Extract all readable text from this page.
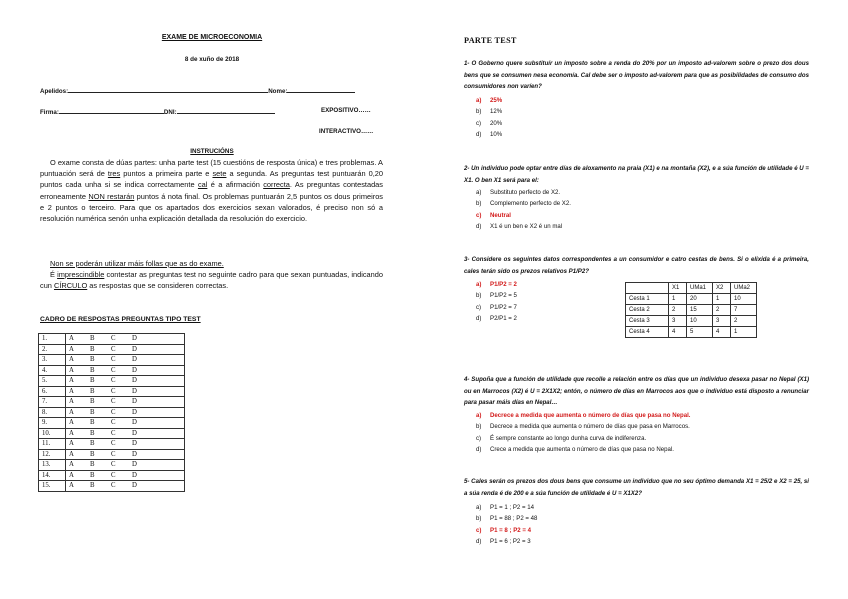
EXAME DE MICROECONOMIA
8 de xuño de 2018
Apelidos:	Nome:
Firma:	DNI:	EXPOSITIVO……
INTERACTIVO……
INSTRUCIÓNS
O exame consta de dúas partes: unha parte test (15 cuestións de resposta única) e tres problemas. A puntuación será de tres puntos a primeira parte e sete a segunda. As preguntas test puntuarán 0,20 puntos cada unha si se indica correctamente cal é a afirmación correcta. As preguntas contestadas erroneamente NON restarán puntos á nota final. Os problemas puntuarán 2,5 puntos os dous primeiros e 2 puntos o terceiro. Para que os apartados dos exercicios sexan valorados, é preciso non só a resolución numérica senón unha explicación detallada da resolución do exercicio.
Non se poderán utilizar máis follas que as do exame.
É imprescindible contestar as preguntas test no seguinte cadro para que sexan puntuadas, indicando cun CÍRCULO as respostas que se consideren correctas.
CADRO DE RESPOSTAS PREGUNTAS TIPO TEST
1.	A B C D
2.	A B C D
3.	A B C D
4.	A B C D
5.	A B C D
6.	A B C D
7.	A B C D
8.	A B C D
9.	A B C D
10.	A B C D
11.	A B C D
12.	A B C D
13.	A B C D
14.	A B C D
15.	A B C D
PARTE TEST
1- O Goberno quere substituír un imposto sobre a renda do 20% por un imposto ad-valorem sobre o prezo dos dous bens que se consumen nesa economía. Cal debe ser o imposto ad-valorem para que as posibilidades de consumo dos consumidores non varíen?
a) 25%
b) 12%
c) 20%
d) 10%
2- Un individuo pode optar entre días de aloxamento na praia (X1) e na montaña (X2), e a súa función de utilidade é U = X1. O ben X1 será para el:
a) Substituto perfecto de X2.
b) Complemento perfecto de X2.
c) Neutral
d) X1 é un ben e X2 é un mal
3- Considere os seguintes datos correspondentes a un consumidor e catro cestas de bens. Si o elixida é a primeira, cales terán sido os prezos relativos P1/P2?
a) P1/P2 = 2
b) P1/P2 = 5
c) P1/P2 = 7
d) P2/P1 = 2
	X1	UMa1	X2	UMa2
Cesta 1	1	20	1	10
Cesta 2	2	15	2	7
Cesta 3	3	10	3	2
Cesta 4	4	5	4	1
4- Supoña que a función de utilidade que recolle a relación entre os días que un individuo desexa pasar no Nepal (X1) ou en Marrocos (X2) é U = 2X1X2; entón, o número de días en Marrocos aos que o individuo está disposto a renunciar para pasar máis días en Nepal…
a) Decrece a medida que aumenta o número de días que pasa no Nepal.
b) Decrece a medida que aumenta o número de días que pasa en Marrocos.
c) É sempre constante ao longo dunha curva de indiferenza.
d) Crece a medida que aumenta o número de días que pasa no Nepal.
5- Cales serán os prezos dos dous bens que consume un individuo que no seu óptimo demanda X1 = 25/2 e X2 = 25, si a súa renda é de 200 e a súa función de utilidade é U = X1X2?
a) P1 = 1 ; P2 = 14
b) P1 = 88 ; P2 = 48
c) P1 = 8 ; P2 = 4
d) P1 = 6 ; P2 = 3
